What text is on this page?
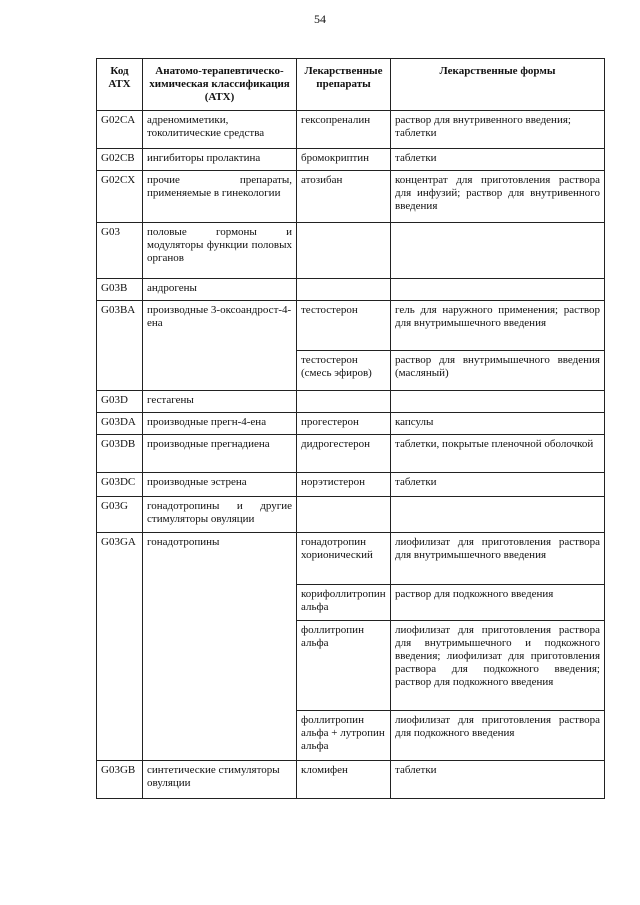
54
Код АТХ	Анатомо-терапевтическо-химическая классификация (АТХ)	Лекарственные препараты	Лекарственные формы
G02CA	адреномиметики, токолитические средства	гексопреналин	раствор для внутривенного введения; таблетки
G02CB	ингибиторы пролактина	бромокриптин	таблетки
G02CX	прочие препараты, применяемые в гинекологии	атозибан	концентрат для приготовления раствора для инфузий; раствор для внутривенного введения
G03	половые гормоны и модуляторы функции половых органов		
G03B	андрогены		
G03BA	производные 3-оксоандрост-4-ена	тестостерон	гель для наружного применения; раствор для внутримышечного введения
		тестостерон (смесь эфиров)	раствор для внутримышечного введения (масляный)
G03D	гестагены		
G03DA	производные прегн-4-ена	прогестерон	капсулы
G03DB	производные прегнадиена	дидрогестерон	таблетки, покрытые пленочной оболочкой
G03DC	производные эстрена	норэтистерон	таблетки
G03G	гонадотропины и другие стимуляторы овуляции		
G03GA	гонадотропины	гонадотропин хорионический	лиофилизат для приготовления раствора для внутримышечного введения
		корифоллитропин альфа	раствор для подкожного введения
		фоллитропин альфа	лиофилизат для приготовления раствора для внутримышечного и подкожного введения; лиофилизат для приготовления раствора для подкожного введения; раствор для подкожного введения
		фоллитропин альфа + лутропин альфа	лиофилизат для приготовления раствора для подкожного введения
G03GB	синтетические стимуляторы овуляции	кломифен	таблетки
